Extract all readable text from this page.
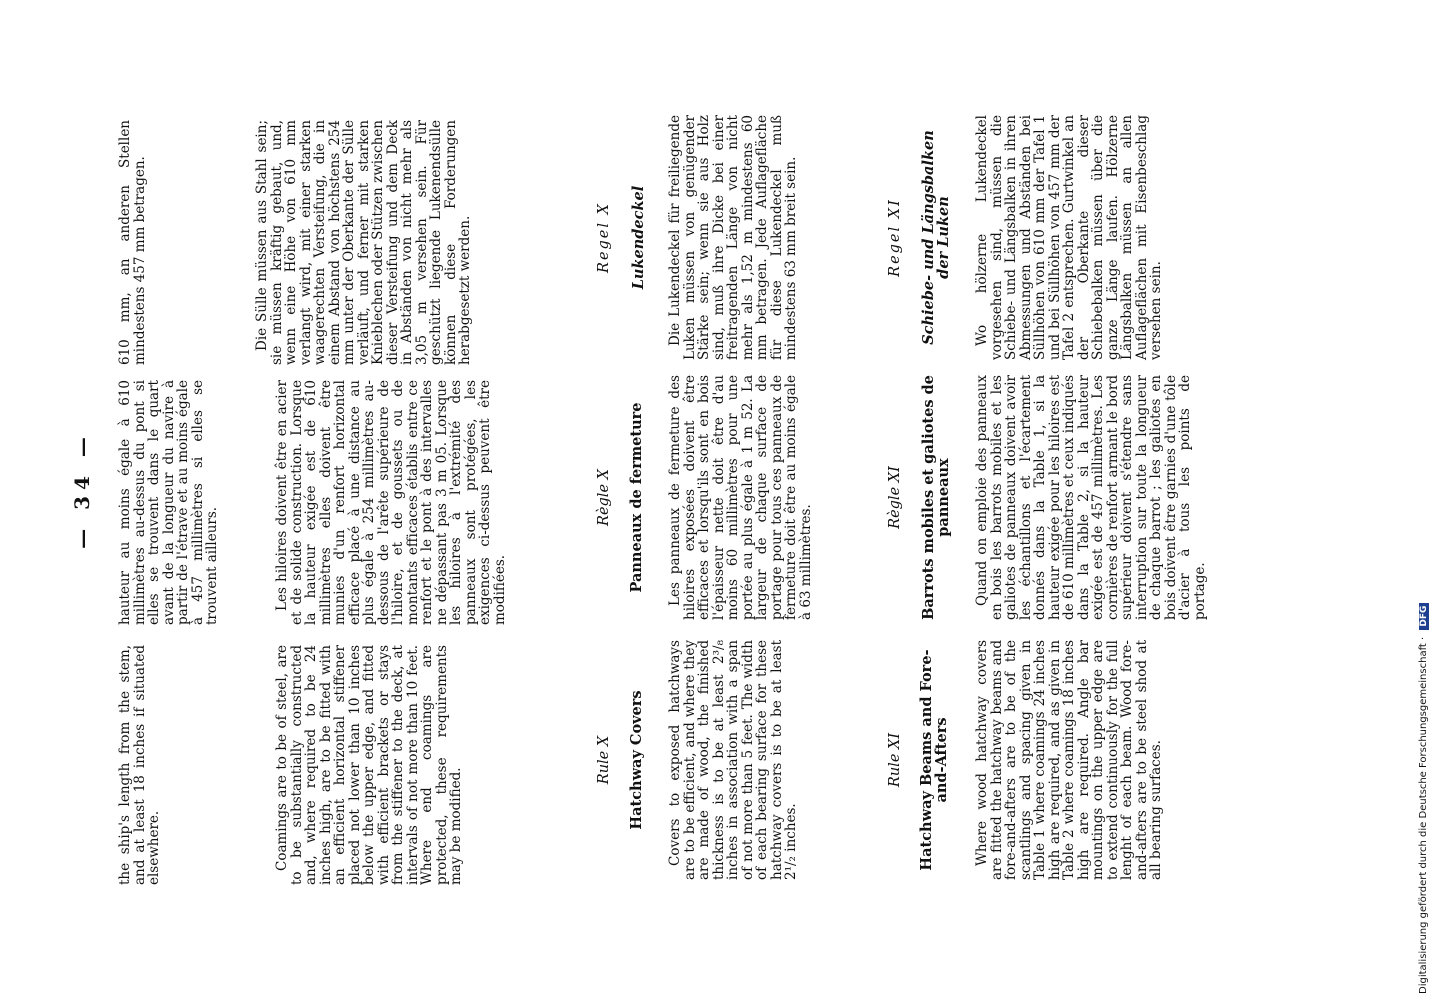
— 34 —

the ship's length from the stem, and at least 18 inches if situated elsewhere.	Coamings are to be of steel, are to be substantially constructed and, where required to be 24 inches high, are to be fitted with an efficient horizontal stiffener placed not lower than 10 inches below the upper edge, and fitted with efficient brackets or stays from the stiffener to the deck, at intervals of not more than 10 feet. Where end coamings are protected, these requirements may be modified.

Rule X Hatchway Covers Covers to exposed hatchways are to be efficient, and where they are made of wood, the finished thickness is to be at least 2³/₈ inches in association with a span of not more than 5 feet. The width of each bearing surface for these hatchway covers is to be at least 2¹/₂ inches.

Rule XI Hatchway Beams and Fore-and-Afters Where wood hatchway covers are fitted the hatchway beams and fore-and-afters are to be of the scantlings and spacing given in Table 1 where coamings 24 inches high are required, and as given in Table 2 where coamings 18 inches high are required. Angle bar mountings on the upper edge are to extend continuously for the full lenght of each beam. Wood fore-and-afters are to be steel shod at all bearing surfaces.

hauteur au moins égale à 610 millimètres au-dessus du pont si elles se trouvent dans le quart avant de la longueur du navire à partir de l'étrave et au moins égale à 457 millimètres si elles se trouvent ailleurs.	Les hiloires doivent être en acier et de solide construction. Lorsque la hauteur exigée est de 610 millimètres elles doivent être munies d'un renfort horizontal efficace placé à une distance au plus égale à 254 millimètres au-dessous de l'arête supérieure de l'hiloire, et de goussets ou de montants efficaces établis entre ce renfort et le pont à des intervalles ne dépassant pas 3 m 05. Lorsque les hiloires à l'extrémité des panneaux sont protégées, les exigences ci-dessus peuvent être modifiées.

Règle X Panneaux de fermeture Les panneaux de fermeture des hiloires exposées doivent être efficaces et lorsqu'ils sont en bois l'épaisseur nette doit être d'au moins 60 millimètres pour une portée au plus égale à 1 m 52. La largeur de chaque surface de portage pour tous ces panneaux de fermeture doit être au moins égale à 63 millimètres.

Règle XI Barrots mobiles et galiotes de panneaux Quand on emploie des panneaux en bois les barrots mobiles et les galiotes de panneaux doivent avoir les échantillons et l'écartement donnés dans la Table 1, si la hauteur exigée pour les hiloires est de 610 millimètres et ceux indiqués dans la Table 2, si la hauteur exigée est de 457 millimètres. Les cornières de renfort armant le bord supérieur doivent s'étendre sans interruption sur toute la longueur de chaque barrot ; les galiotes en bois doivent être garnies d'une tôle d'acier à tous les points de portage.

610 mm, an anderen Stellen mindestens 457 mm betragen.	Die Süllе müssen aus Stahl sein; sie müssen kräftig gebaut, und, wenn eine Höhe von 610 mm verlangt wird, mit einer starken waagerechten Versteifung, die in einem Abstand von höchstens 254 mm unter der Oberkante der Sülle verläuft, und ferner mit starken Knieblechen oder Stützen zwischen dieser Versteifung und dem Deck in Abständen von nicht mehr als 3,05 m versehen sein. Für geschützt liegende Lukenendsülle können diese Forderungen herabgesetzt werden.	Regel X Lukendeckel Die Lukendeckel für freiliegende Luken müssen von genügender Stärke sein; wenn sie aus Holz sind, muß ihre Dicke bei einer freitragenden Länge von nicht mehr als 1,52 m mindestens 60 mm betragen. Jede Auflagefläche für diese Lukendeckel muß mindestens 63 mm breit sein.	Regel XI Schiebe- und Längsbalken der Luken Wo hölzerne Lukendeckel vorgesehen sind, müssen die Schiebe- und Längsbalken in ihren Abmessungen und Abständen bei Süllhöhen von 610 mm der Tafel 1 und bei Süllhöhen von 457 mm der Tafel 2 entsprechen. Gurtwinkel an der Oberkante dieser Schiebebalken müssen über die ganze Länge laufen. Hölzerne Längsbalken müssen an allen Auflageflächen mit Eisenbeschlag versehen sein.

Digitalisierung gefördert durch die Deutsche Forschungsgemeinschaft · DFG
